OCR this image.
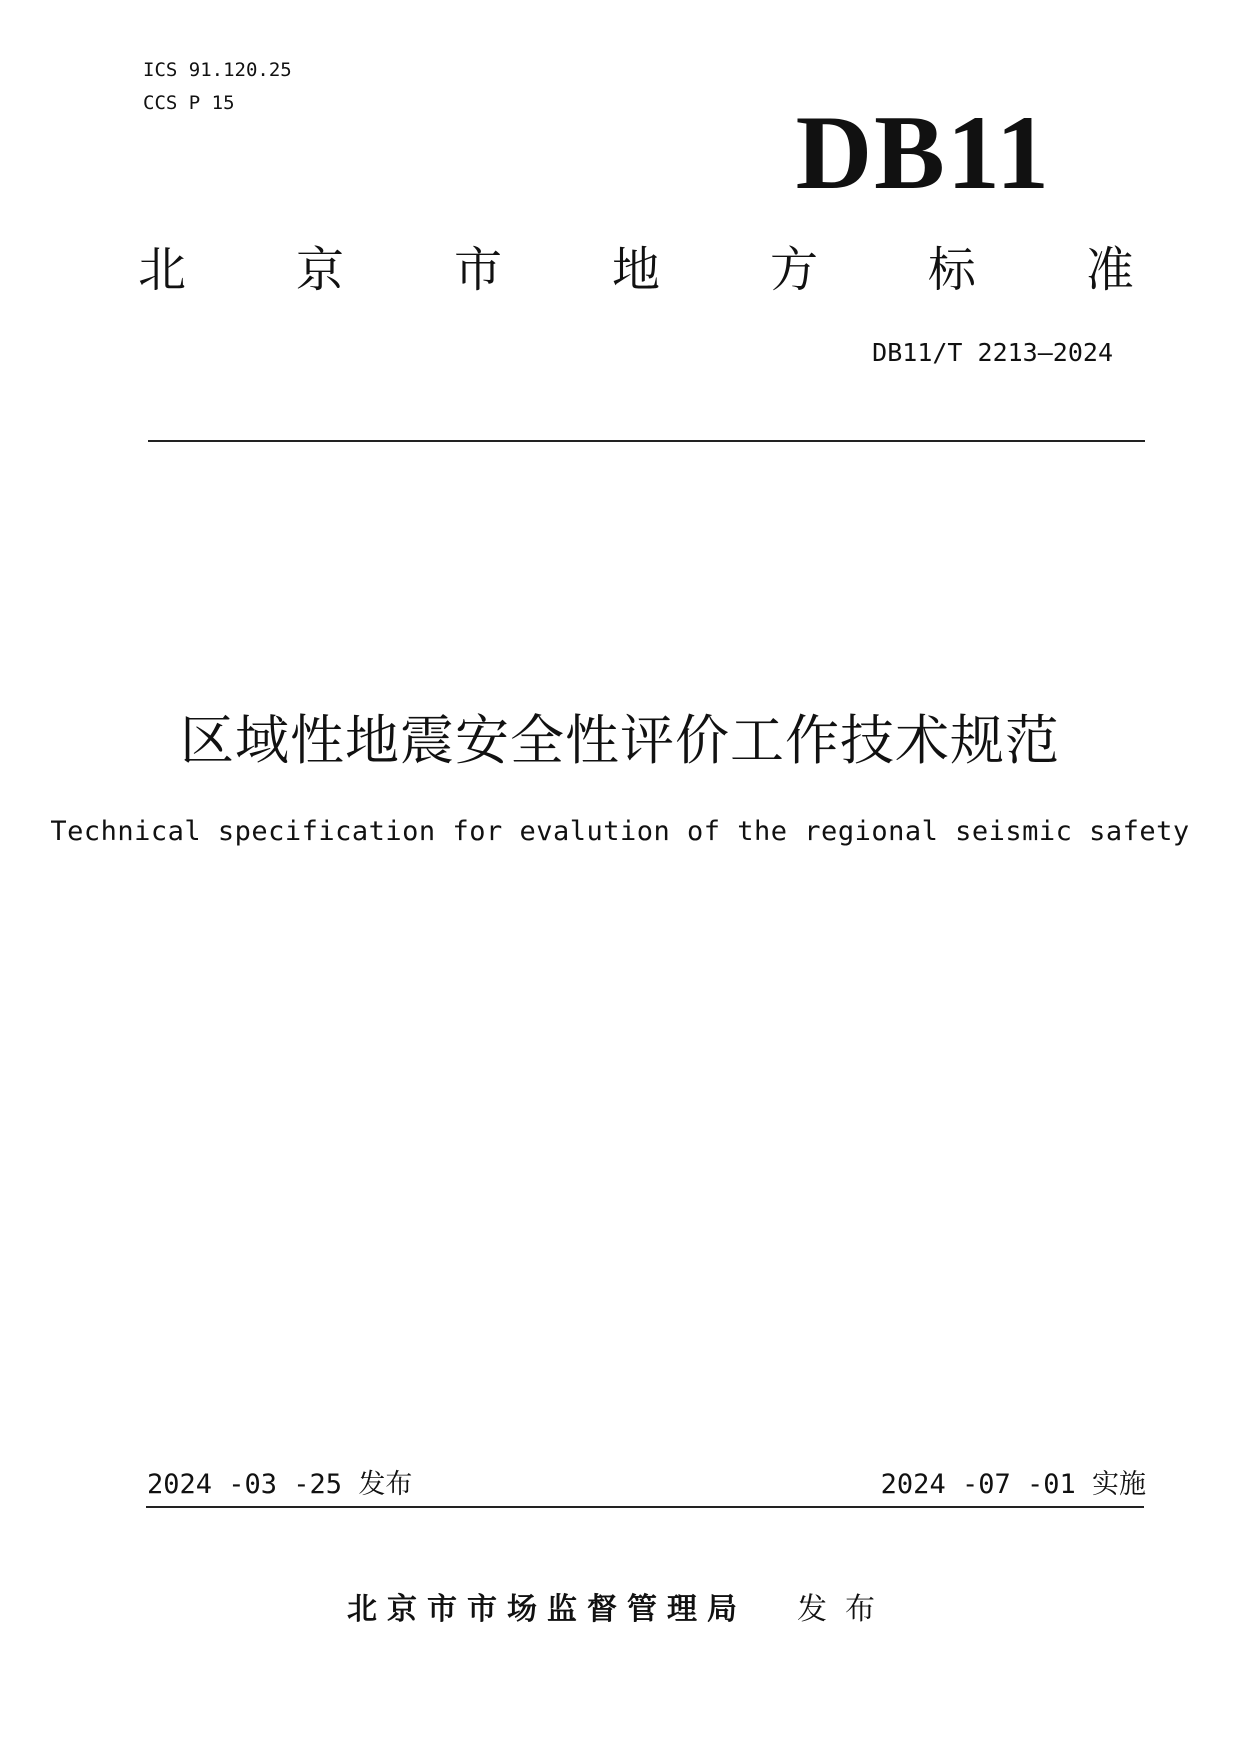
ICS 91.120.25
CCS P 15	DB11
北 京 市 地 方 标 准
DB11/T 2213—2024
区域性地震安全性评价工作技术规范
Technical specification for evalution of the regional seismic safety
2024 -03 -25 发布	2024 -07 -01 实施
北京市市场监督管理局 发布
